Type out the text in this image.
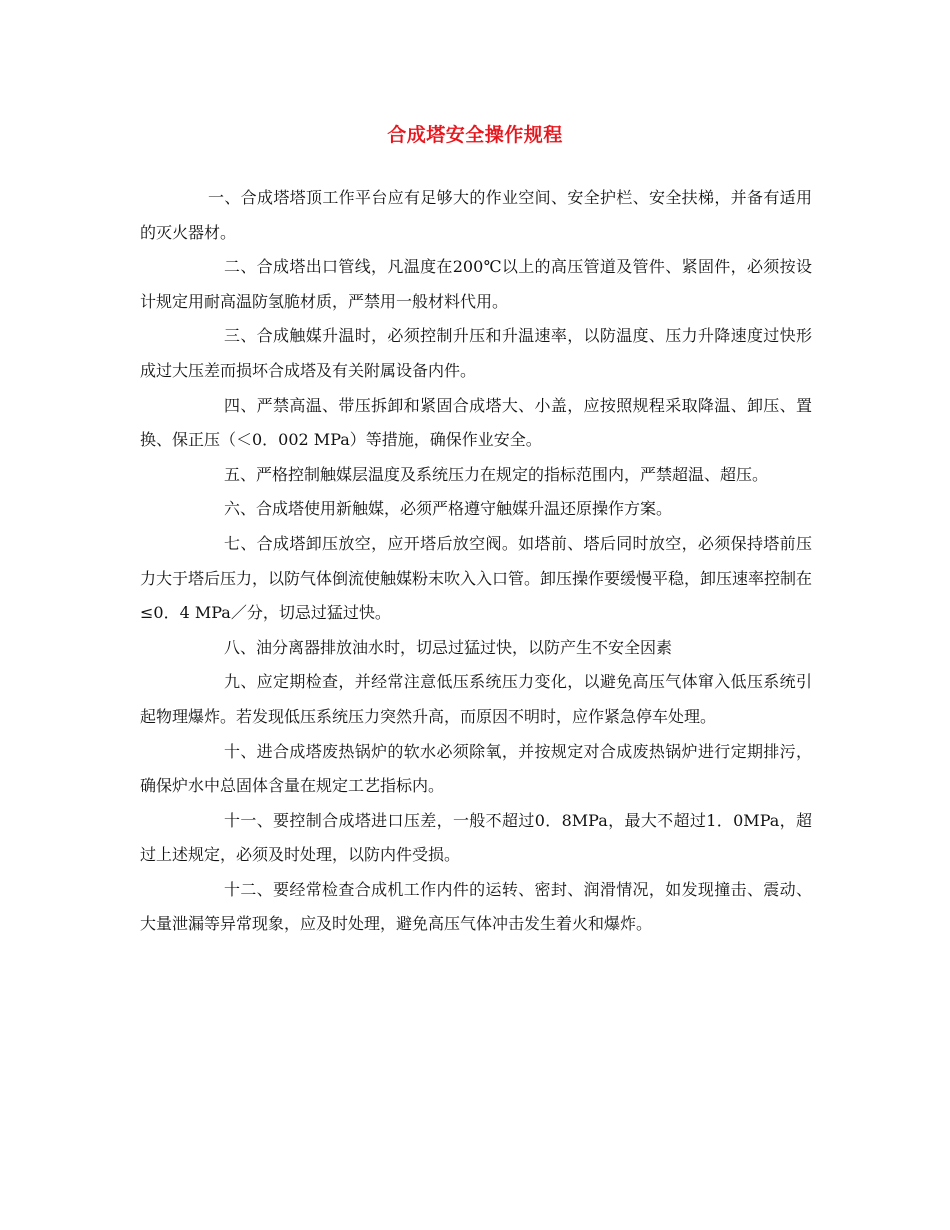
合成塔安全操作规程

一、合成塔塔顶工作平台应有足够大的作业空间、安全护栏、安全扶梯，并备有适用的灭火器材。

二、合成塔出口管线，凡温度在200℃以上的高压管道及管件、紧固件，必须按设计规定用耐高温防氢脆材质，严禁用一般材料代用。

三、合成触媒升温时，必须控制升压和升温速率，以防温度、压力升降速度过快形成过大压差而损坏合成塔及有关附属设备内件。

四、严禁高温、带压拆卸和紧固合成塔大、小盖，应按照规程采取降温、卸压、置换、保正压（＜0．002 MPa）等措施，确保作业安全。

五、严格控制触媒层温度及系统压力在规定的指标范围内，严禁超温、超压。

六、合成塔使用新触媒，必须严格遵守触媒升温还原操作方案。

七、合成塔卸压放空，应开塔后放空阀。如塔前、塔后同时放空，必须保持塔前压力大于塔后压力，以防气体倒流使触媒粉末吹入入口管。卸压操作要缓慢平稳，卸压速率控制在≤0．4 MPa／分，切忌过猛过快。

八、油分离器排放油水时，切忌过猛过快，以防产生不安全因素

九、应定期检查，并经常注意低压系统压力变化，以避免高压气体窜入低压系统引起物理爆炸。若发现低压系统压力突然升高，而原因不明时，应作紧急停车处理。

十、进合成塔废热锅炉的软水必须除氧，并按规定对合成废热锅炉进行定期排污，确保炉水中总固体含量在规定工艺指标内。

十一、要控制合成塔进口压差，一般不超过0．8MPa，最大不超过1．0MPa，超过上述规定，必须及时处理，以防内件受损。

十二、要经常检查合成机工作内件的运转、密封、润滑情况，如发现撞击、震动、大量泄漏等异常现象，应及时处理，避免高压气体冲击发生着火和爆炸。
